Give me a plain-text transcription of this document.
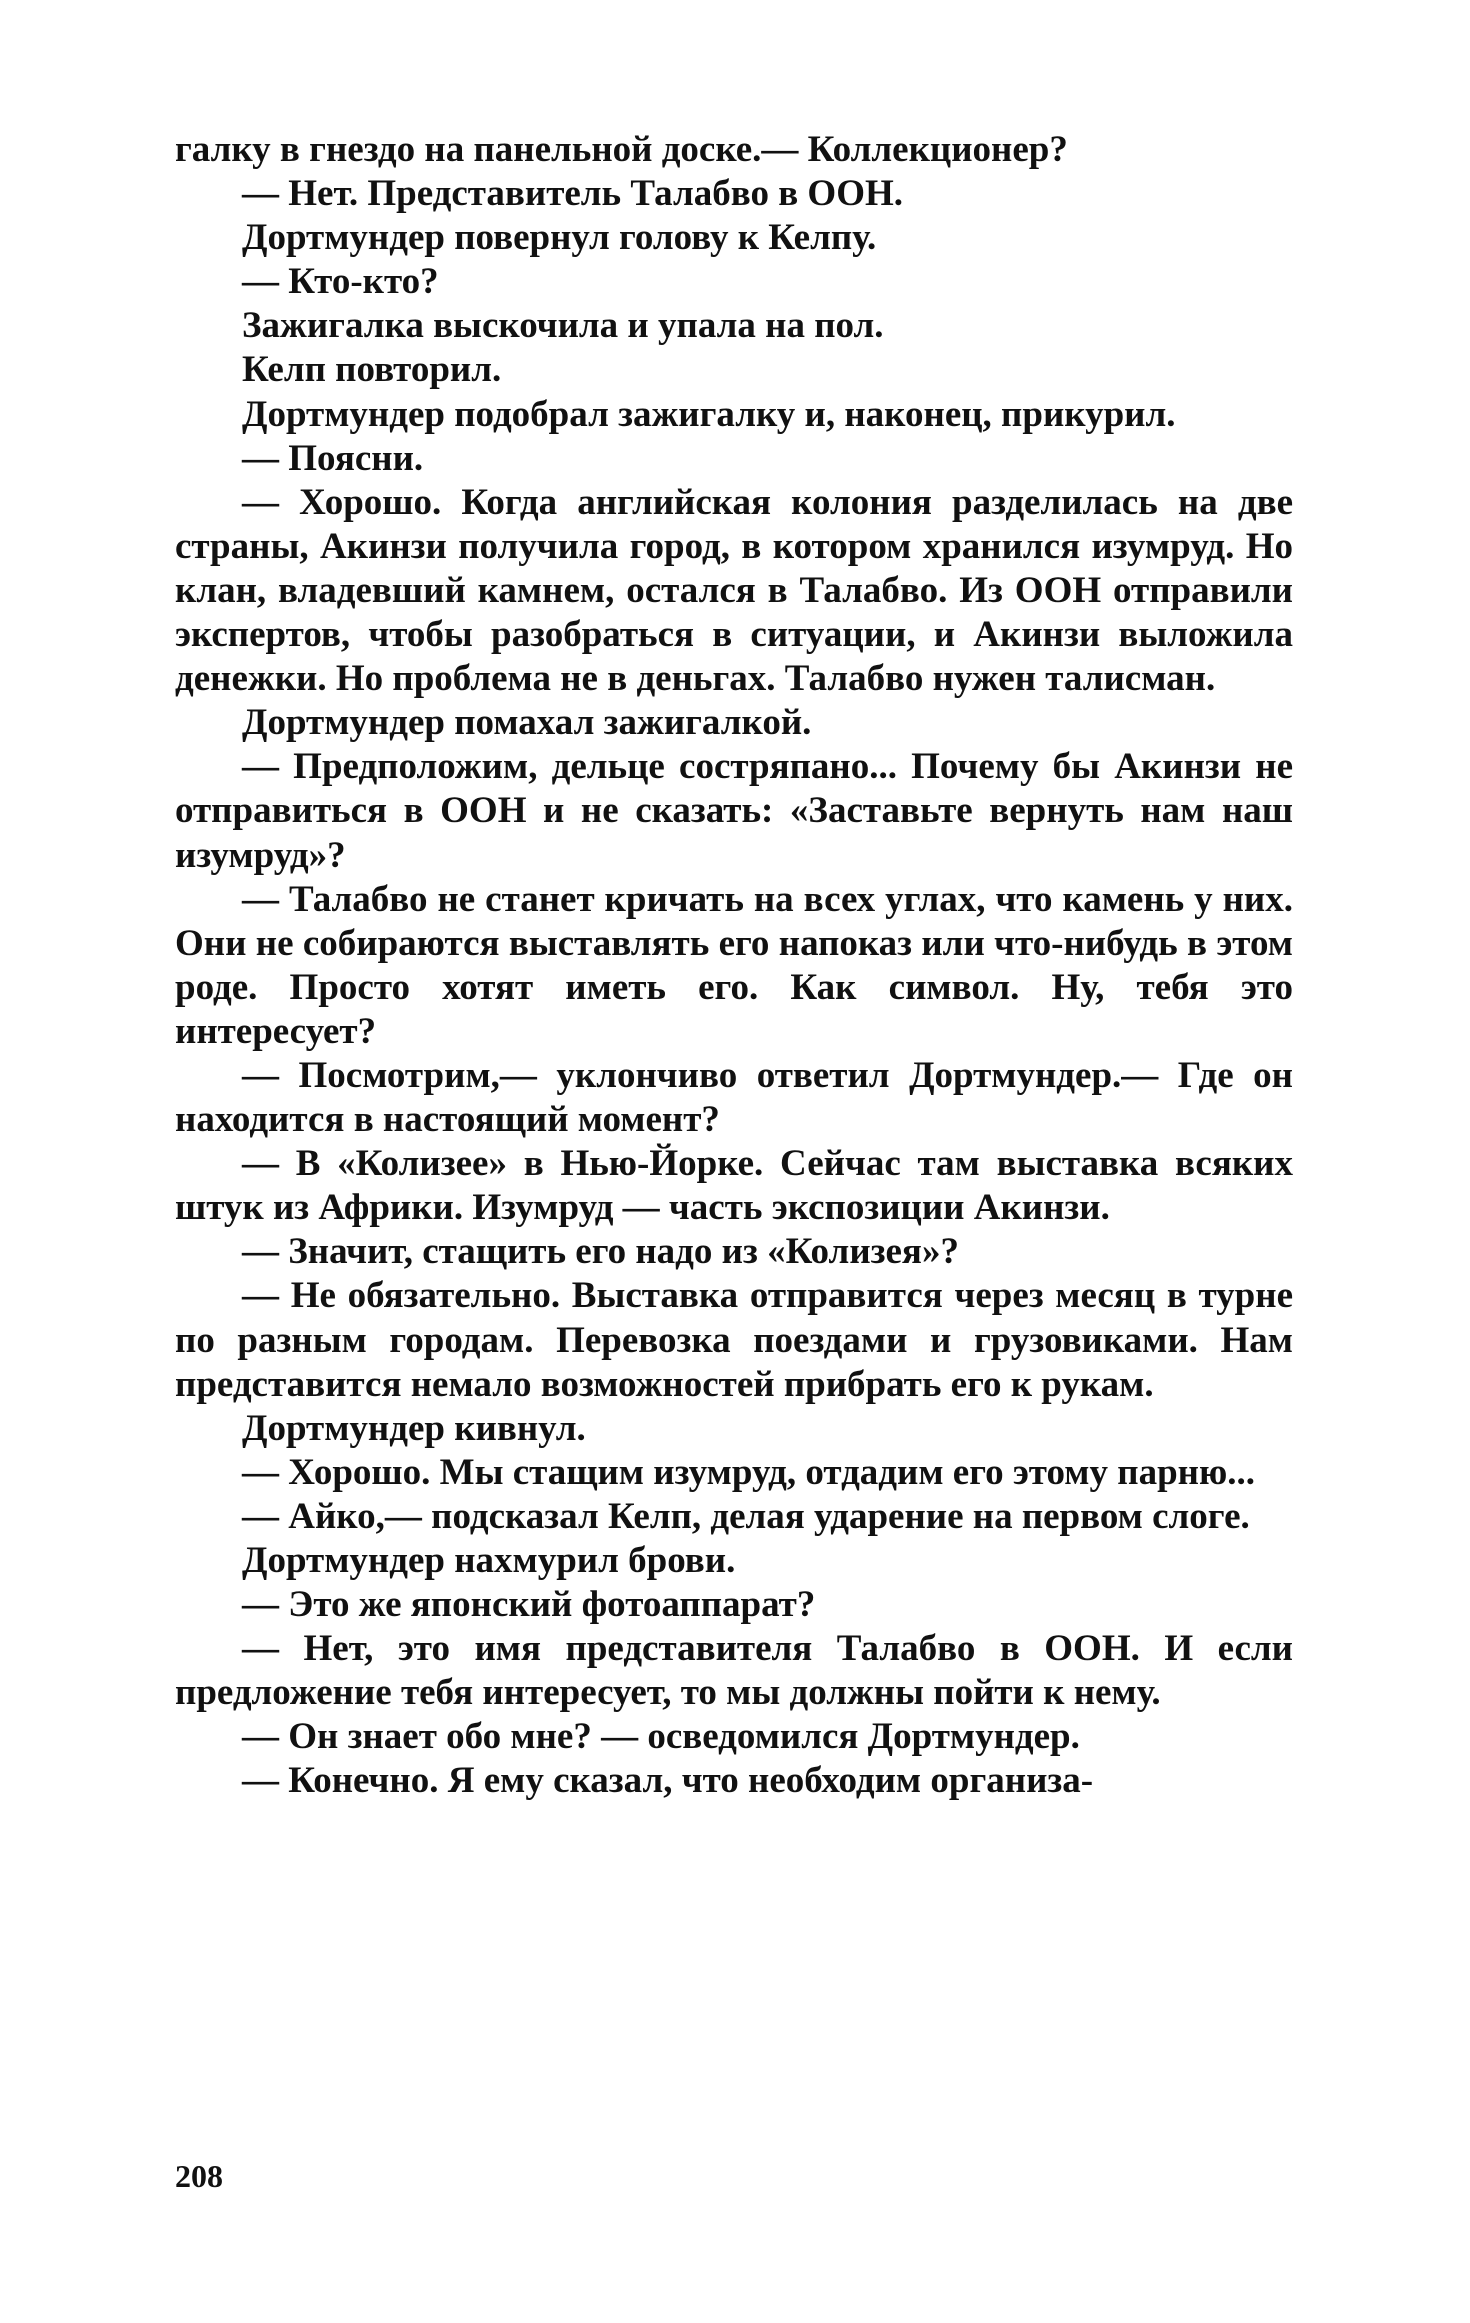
галку в гнездо на панельной доске.— Коллекционер?

— Нет. Представитель Талабво в ООН.

Дортмундер повернул голову к Келпу.

— Кто-кто?

Зажигалка выскочила и упала на пол.

Келп повторил.

Дортмундер подобрал зажигалку и, наконец, прикурил.

— Поясни.

— Хорошо. Когда английская колония разделилась на две страны, Акинзи получила город, в котором хранился изумруд. Но клан, владевший камнем, остался в Талабво. Из ООН отправили экспертов, чтобы разобраться в ситуации, и Акинзи выложила денежки. Но проблема не в деньгах. Талабво нужен талисман.

Дортмундер помахал зажигалкой.

— Предположим, дельце состряпано... Почему бы Акинзи не отправиться в ООН и не сказать: «Заставьте вернуть нам наш изумруд»?

— Талабво не станет кричать на всех углах, что камень у них. Они не собираются выставлять его напоказ или что-нибудь в этом роде. Просто хотят иметь его. Как символ. Ну, тебя это интересует?

— Посмотрим,— уклончиво ответил Дортмундер.— Где он находится в настоящий момент?

— В «Колизее» в Нью-Йорке. Сейчас там выставка всяких штук из Африки. Изумруд — часть экспозиции Акинзи.

— Значит, стащить его надо из «Колизея»?

— Не обязательно. Выставка отправится через месяц в турне по разным городам. Перевозка поездами и грузовиками. Нам представится немало возможностей прибрать его к рукам.

Дортмундер кивнул.

— Хорошо. Мы стащим изумруд, отдадим его этому парню...

— Айко,— подсказал Келп, делая ударение на первом слоге.

Дортмундер нахмурил брови.

— Это же японский фотоаппарат?

— Нет, это имя представителя Талабво в ООН. И если предложение тебя интересует, то мы должны пойти к нему.

— Он знает обо мне? — осведомился Дортмундер.

— Конечно. Я ему сказал, что необходим организа-

208
